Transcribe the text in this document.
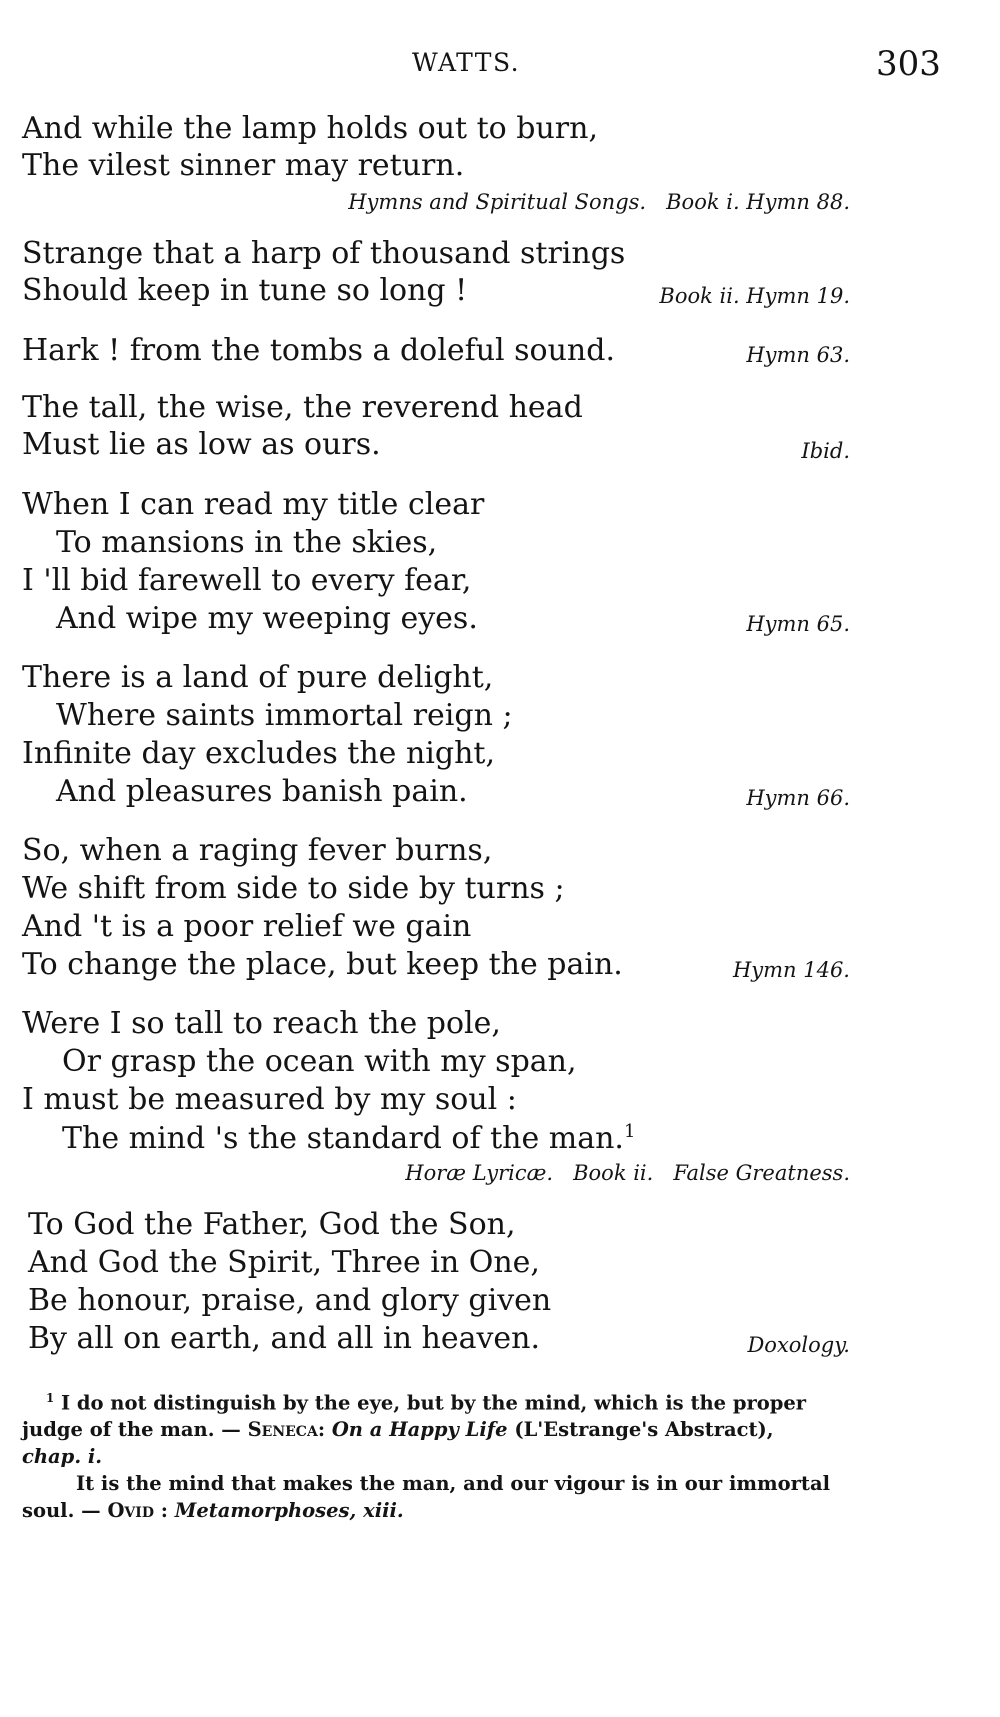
WATTS.	303
And while the lamp holds out to burn,
The vilest sinner may return.
Hymns and Spiritual Songs.   Book i. Hymn 88.
Strange that a harp of thousand strings
Should keep in tune so long !	Book ii. Hymn 19.
Hark ! from the tombs a doleful sound.	Hymn 63.
The tall, the wise, the reverend head
Must lie as low as ours.	Ibid.
When I can read my title clear
To mansions in the skies,
I 'll bid farewell to every fear,
And wipe my weeping eyes.	Hymn 65.
There is a land of pure delight,
Where saints immortal reign ;
Infinite day excludes the night,
And pleasures banish pain.	Hymn 66.
So, when a raging fever burns,
We shift from side to side by turns ;
And 't is a poor relief we gain
To change the place, but keep the pain.	Hymn 146.
Were I so tall to reach the pole,
Or grasp the ocean with my span,
I must be measured by my soul :
The mind 's the standard of the man.$^1$
Horæ Lyricæ.   Book ii.   False Greatness.
To God the Father, God the Son,
And God the Spirit, Three in One,
Be honour, praise, and glory given
By all on earth, and all in heaven.	Doxology.
$^1$ I do not distinguish by the eye, but by the mind, which is the proper
judge of the man. — Seneca: On a Happy Life (L'Estrange's Abstract),
chap. i.
It is the mind that makes the man, and our vigour is in our immortal
soul. — Ovid : Metamorphoses, xiii.
